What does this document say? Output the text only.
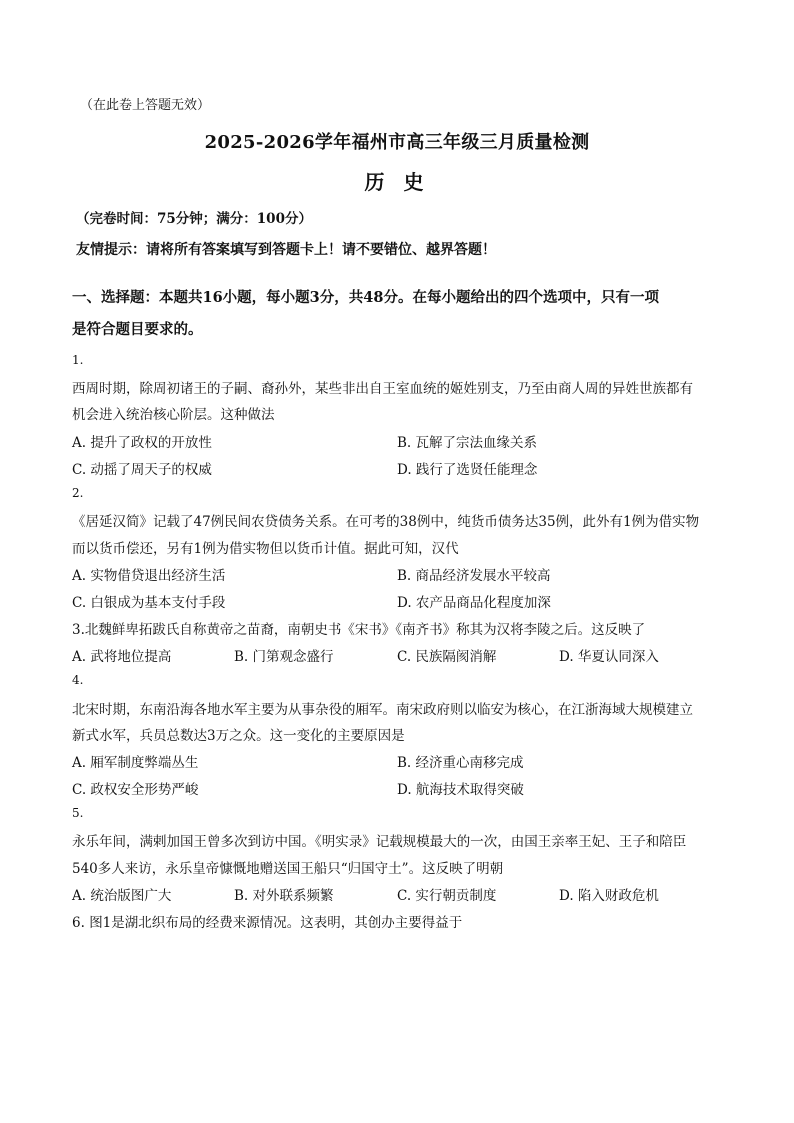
（在此卷上答题无效）
2025-2026学年福州市高三年级三月质量检测
历 史
（完卷时间：75分钟；满分：100分）
友情提示：请将所有答案填写到答题卡上！请不要错位、越界答题！
一、选择题：本题共16小题，每小题3分，共48分。在每小题给出的四个选项中，只有一项
是符合题目要求的。
1.
西周时期，除周初诸王的子嗣、裔孙外，某些非出自王室血统的姬姓别支，乃至由商人周的异姓世族都有
机会进入统治核心阶层。这种做法
A. 提升了政权的开放性	B. 瓦解了宗法血缘关系
C. 动摇了周天子的权威	D. 践行了选贤任能理念
2.
《居延汉简》记载了47例民间农贷债务关系。在可考的38例中，纯货币债务达35例，此外有1例为借实物
而以货币偿还，另有1例为借实物但以货币计值。据此可知，汉代
A. 实物借贷退出经济生活	B. 商品经济发展水平较高
C. 白银成为基本支付手段	D. 农产品商品化程度加深
3.北魏鲜卑拓跋氏自称黄帝之苗裔，南朝史书《宋书》《南齐书》称其为汉将李陵之后。这反映了
A. 武将地位提高	B. 门第观念盛行	C. 民族隔阂消解	D. 华夏认同深入
4.
北宋时期，东南沿海各地水军主要为从事杂役的厢军。南宋政府则以临安为核心，在江浙海域大规模建立
新式水军，兵员总数达3万之众。这一变化的主要原因是
A. 厢军制度弊端丛生	B. 经济重心南移完成
C. 政权安全形势严峻	D. 航海技术取得突破
5.
永乐年间，满剌加国王曾多次到访中国。《明实录》记载规模最大的一次，由国王亲率王妃、王子和陪臣
540多人来访，永乐皇帝慷慨地赠送国王船只“归国守土”。这反映了明朝
A. 统治版图广大	B. 对外联系频繁	C. 实行朝贡制度	D. 陷入财政危机
6. 图1是湖北织布局的经费来源情况。这表明，其创办主要得益于
